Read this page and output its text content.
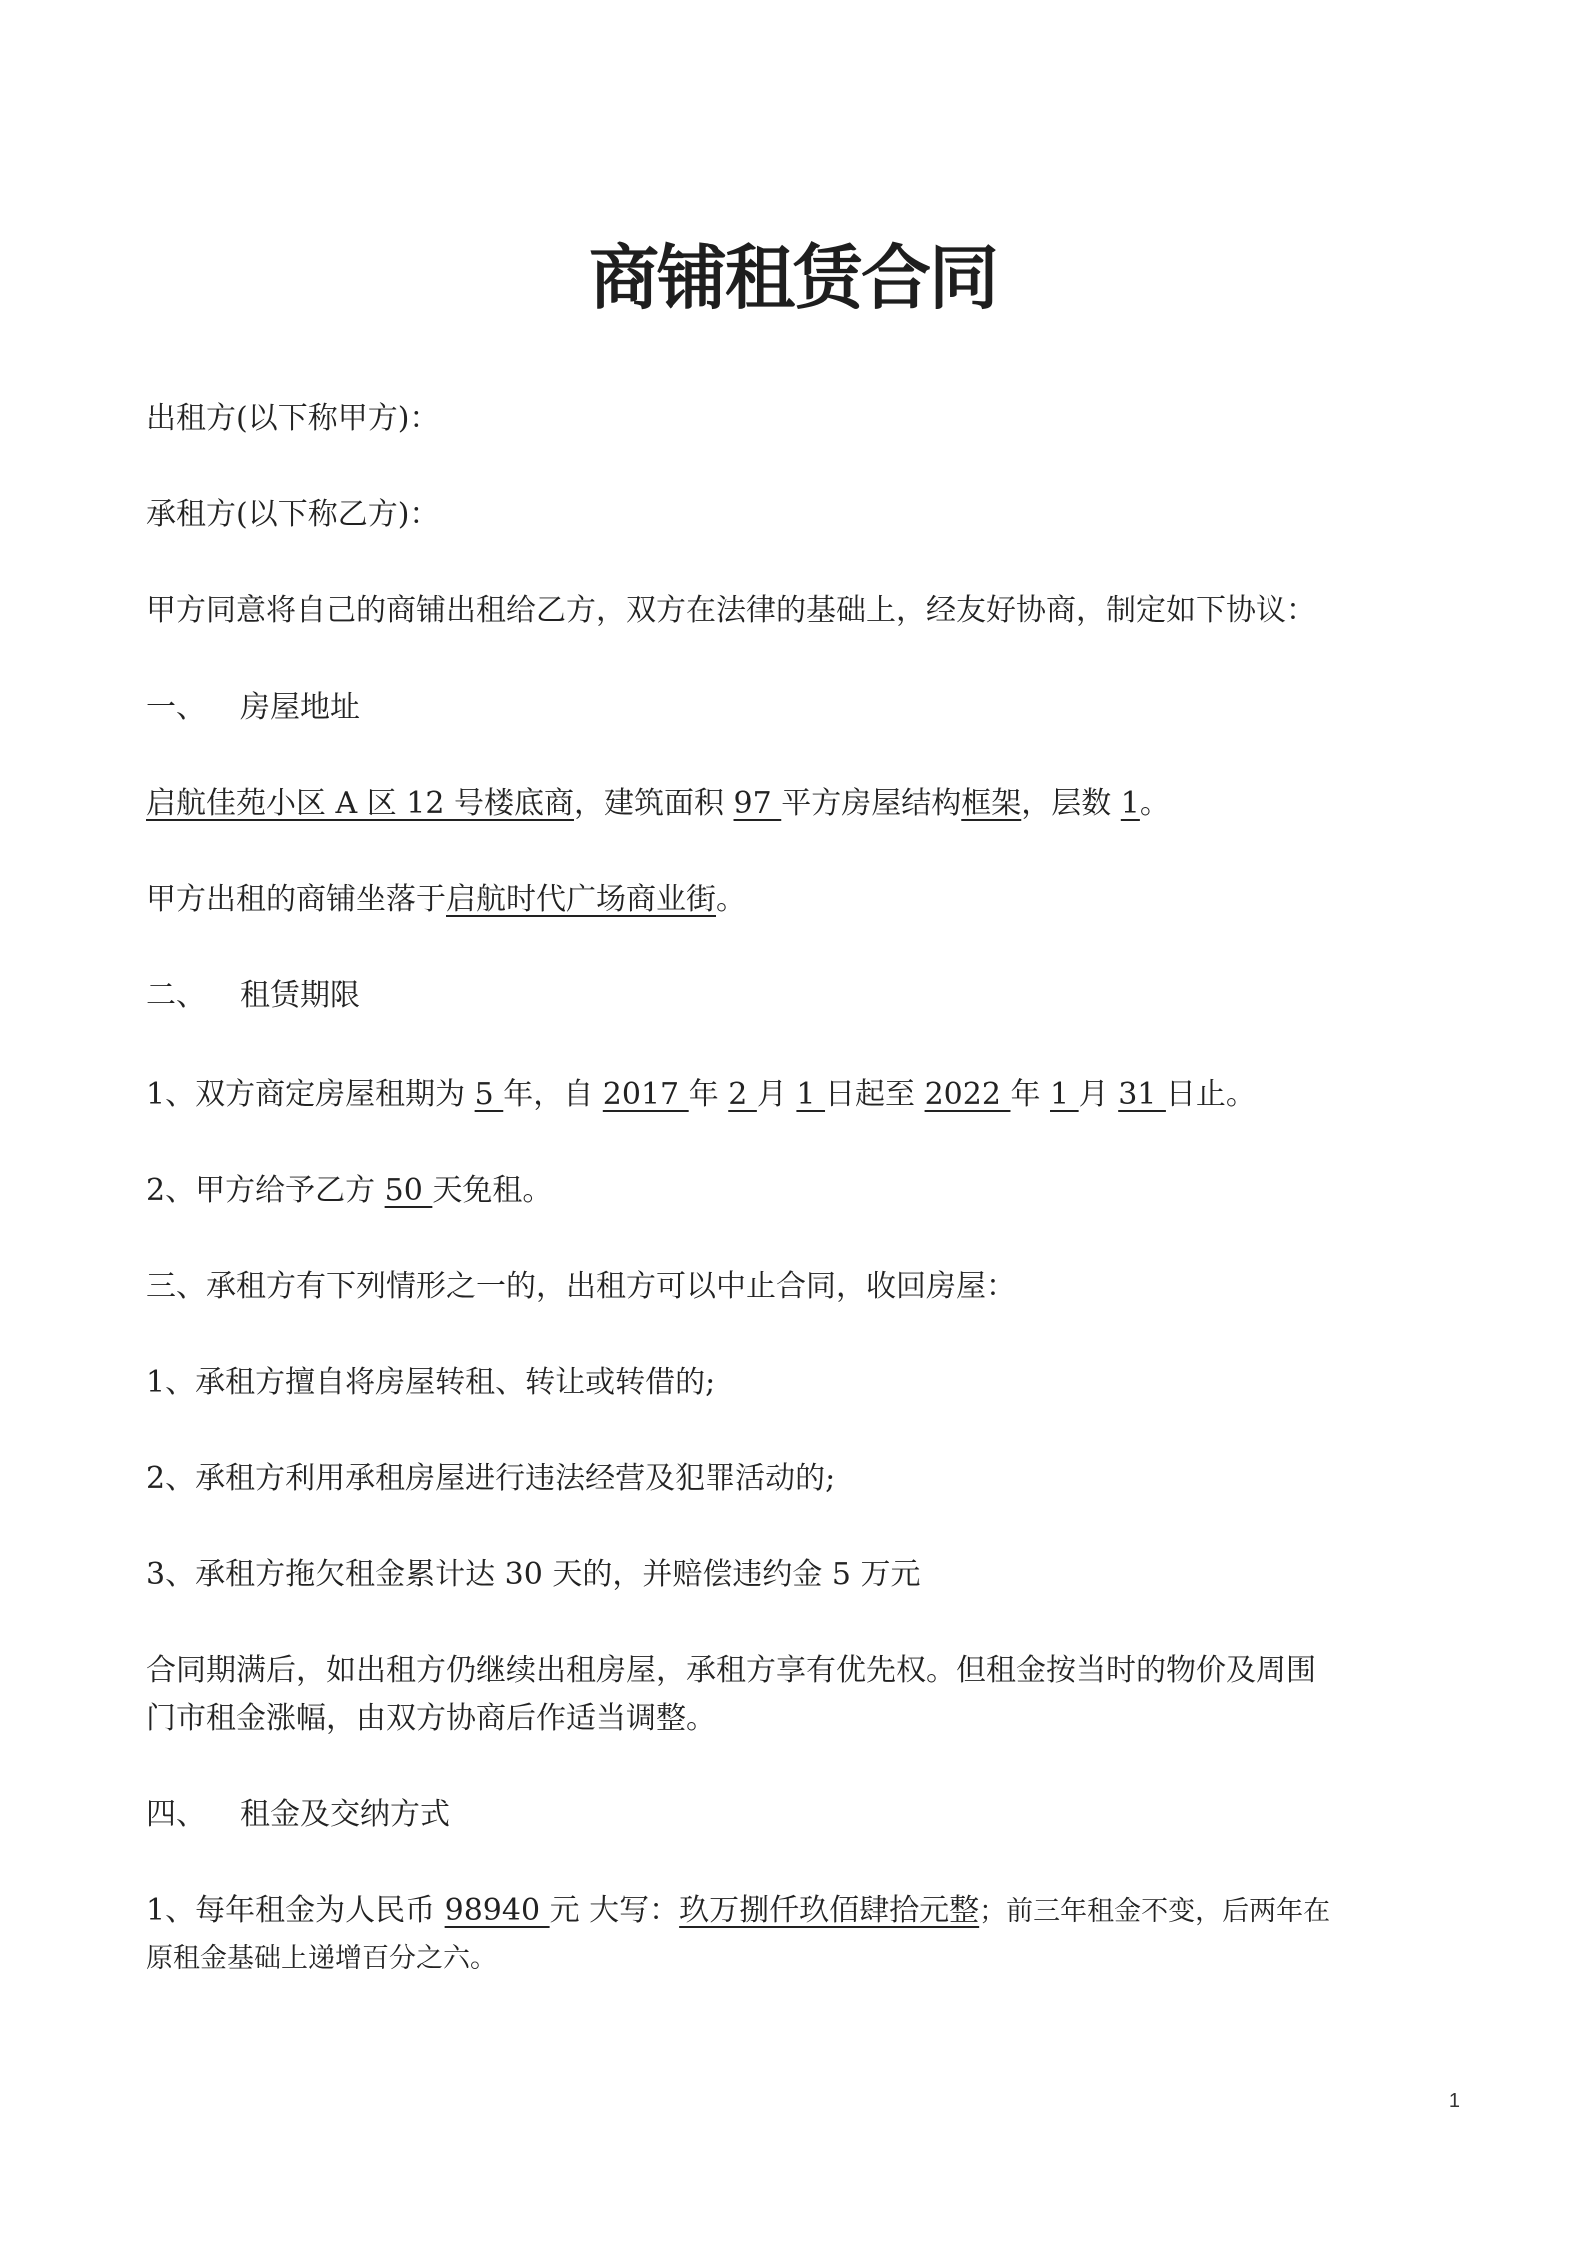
商铺租赁合同
出租方(以下称甲方)：
承租方(以下称乙方)：
甲方同意将自己的商铺出租给乙方，双方在法律的基础上，经友好协商，制定如下协议：
一、 房屋地址
启航佳苑小区 A 区 12 号楼底商，建筑面积 97 平方房屋结构框架，层数 1。
甲方出租的商铺坐落于启航时代广场商业街。
二、 租赁期限
1、双方商定房屋租期为 5 年，自 2017 年 2 月 1 日起至 2022 年 1 月 31 日止。
2、甲方给予乙方 50 天免租。
三、承租方有下列情形之一的，出租方可以中止合同，收回房屋：
1、承租方擅自将房屋转租、转让或转借的;
2、承租方利用承租房屋进行违法经营及犯罪活动的;
3、承租方拖欠租金累计达 30 天的，并赔偿违约金 5 万元
合同期满后，如出租方仍继续出租房屋，承租方享有优先权。但租金按当时的物价及周围
门市租金涨幅，由双方协商后作适当调整。
四、 租金及交纳方式
1、每年租金为人民币 98940 元 大写：玖万捌仟玖佰肆拾元整；前三年租金不变，后两年在
原租金基础上递增百分之六。
1
